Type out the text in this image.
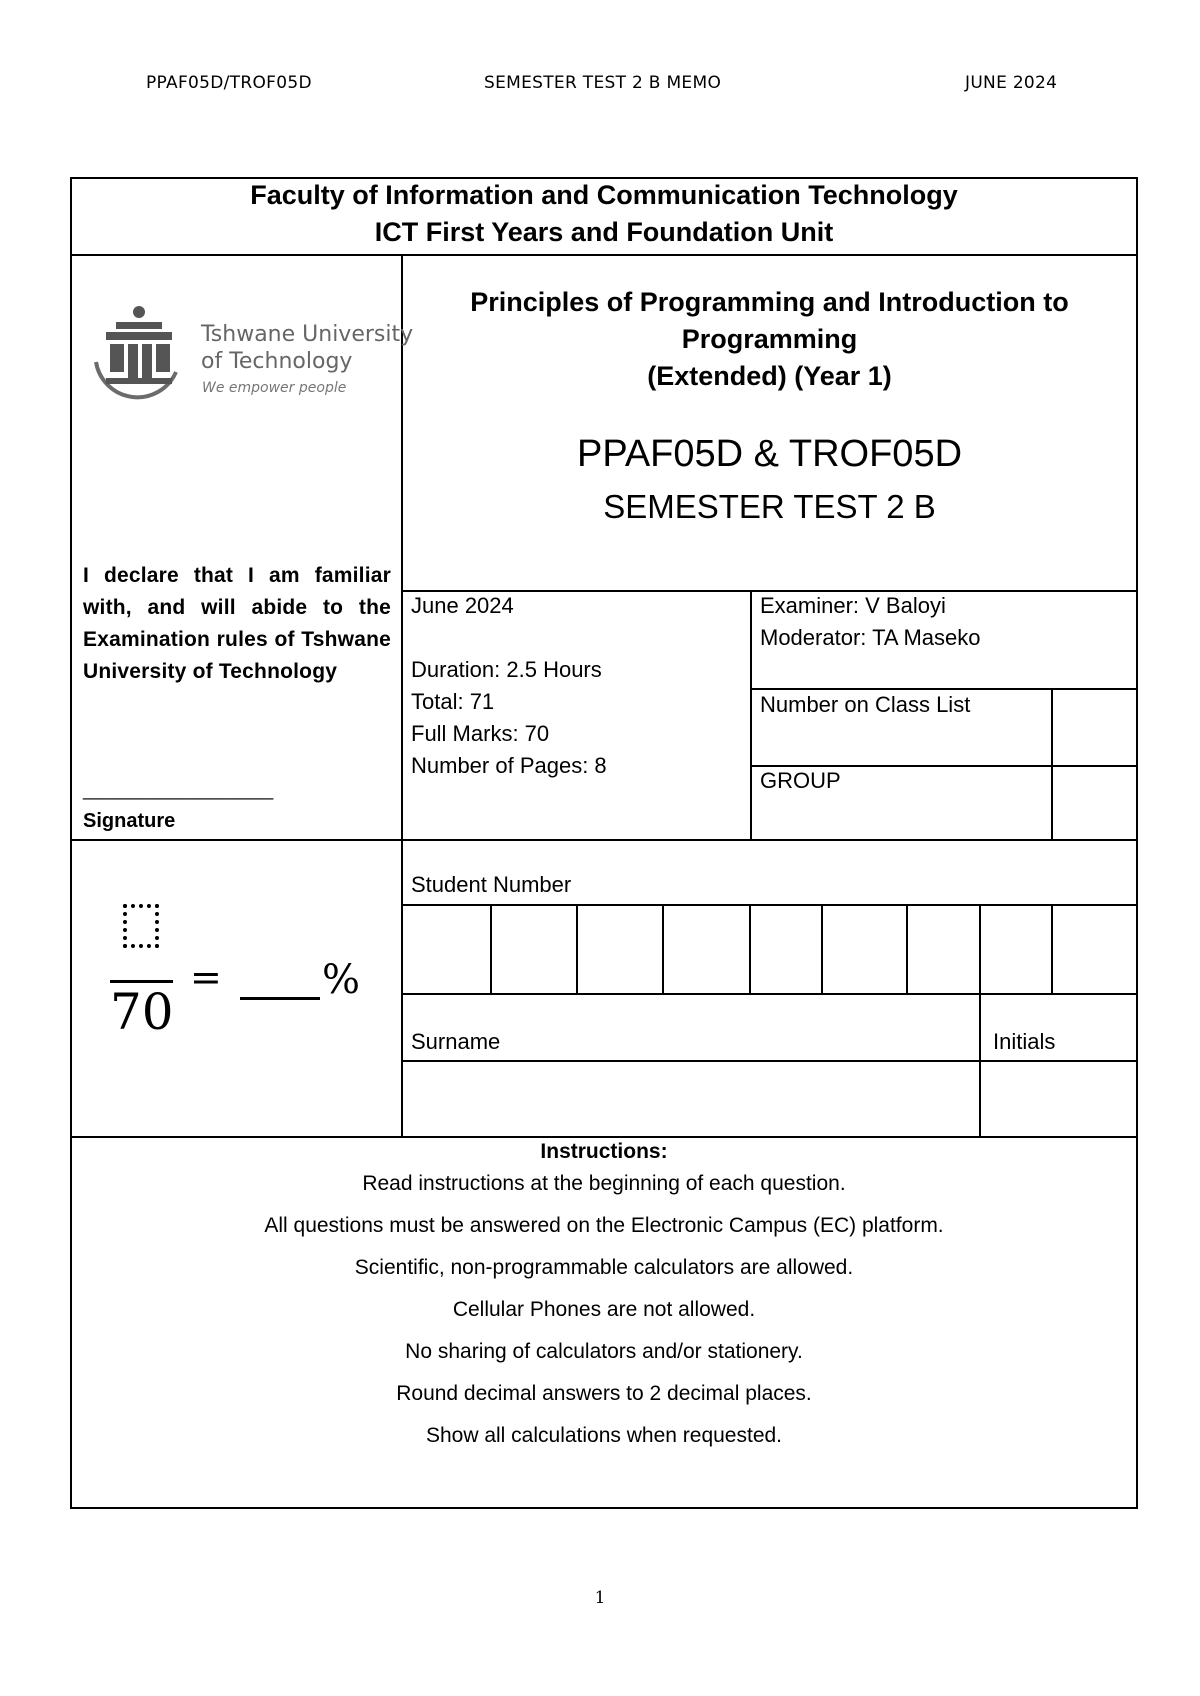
PPAF05D/TROF05D	SEMESTER TEST 2 B MEMO	JUNE 2024
Faculty of Information and Communication Technology
ICT First Years and Foundation Unit
Tshwane University
of Technology
We empower people
Principles of Programming and Introduction to
Programming
(Extended) (Year 1)
PPAF05D & TROF05D
SEMESTER TEST 2 B
I declare that I am familiar with, and will abide to the Examination rules of Tshwane University of Technology
___________________
Signature
June 2024
Duration: 2.5 Hours
Total: 71
Full Marks: 70
Number of Pages: 8
Examiner: V Baloyi
Moderator: TA Maseko
Number on Class List
GROUP
70
=	%
Student Number
Surname	Initials
Instructions:
Read instructions at the beginning of each question.
All questions must be answered on the Electronic Campus (EC) platform.
Scientific, non-programmable calculators are allowed.
Cellular Phones are not allowed.
No sharing of calculators and/or stationery.
Round decimal answers to 2 decimal places.
Show all calculations when requested.
1
